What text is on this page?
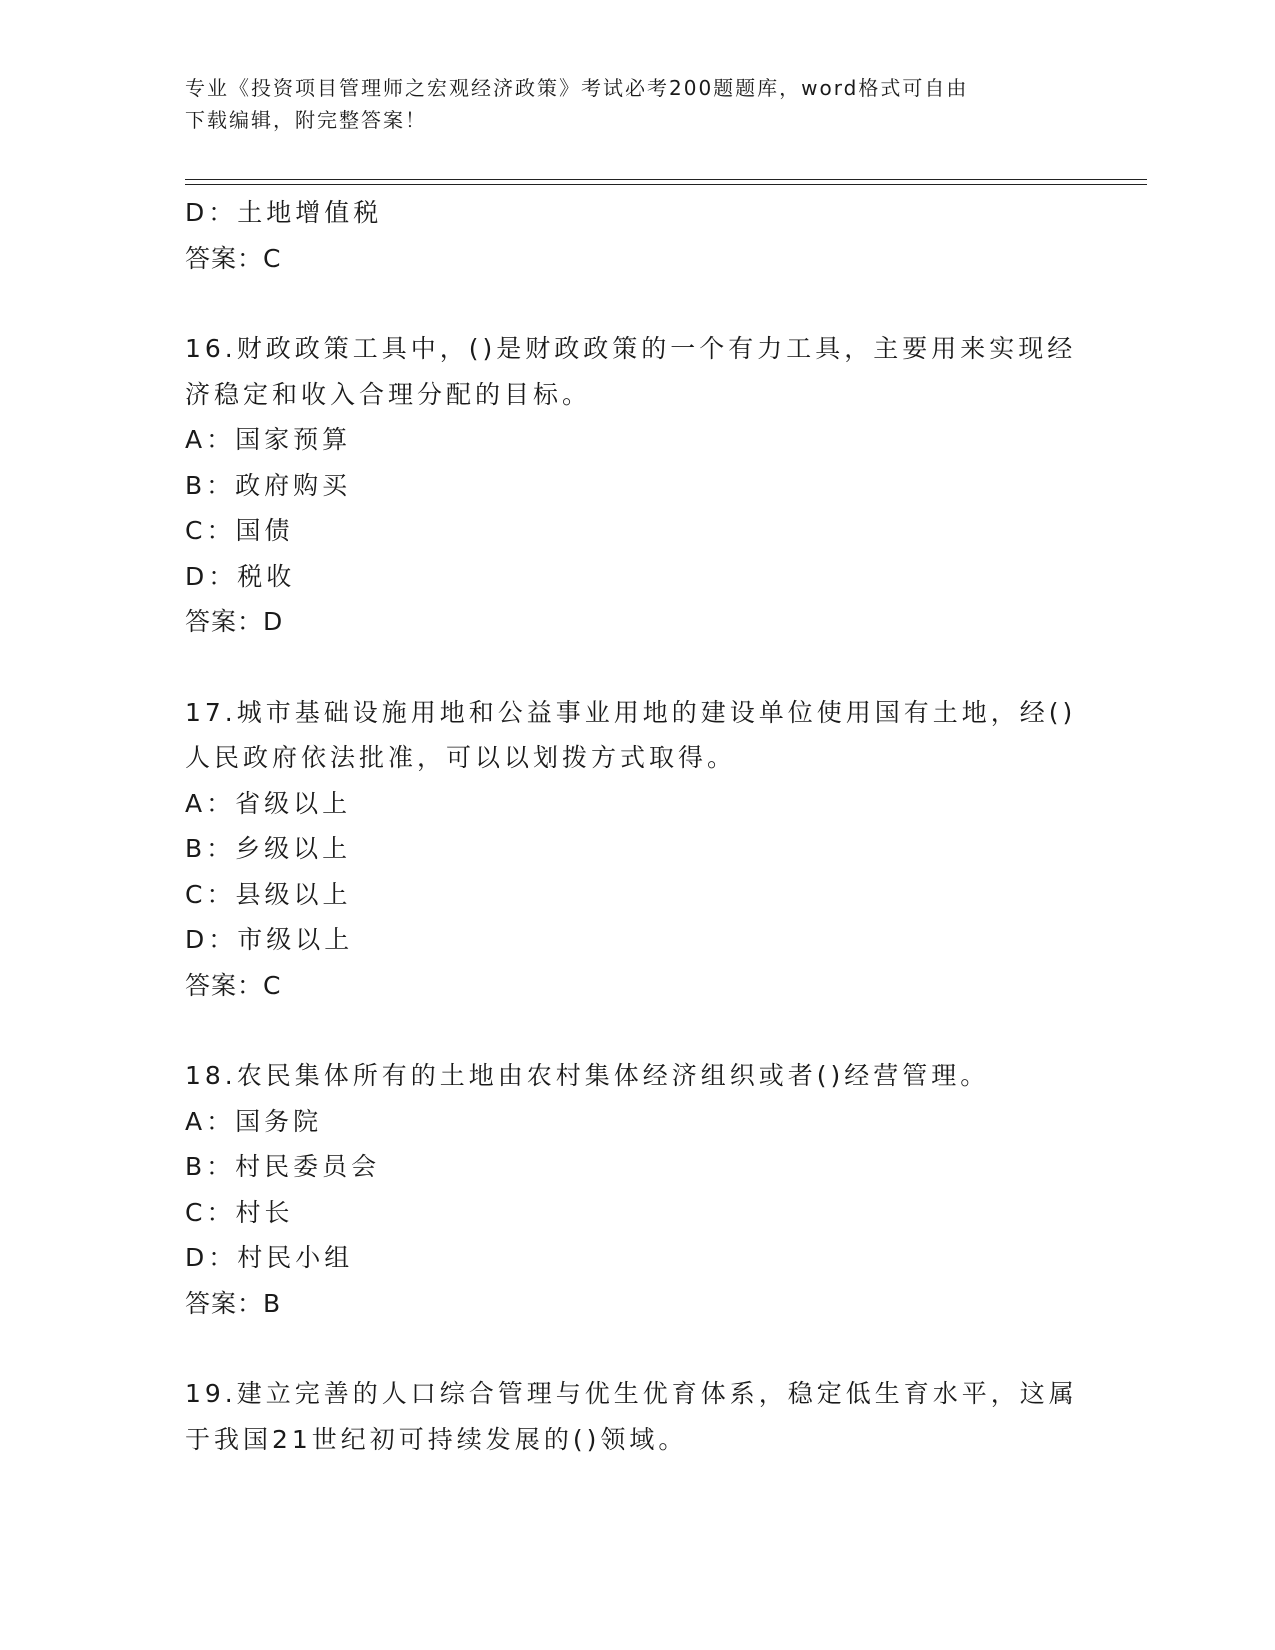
专业《投资项目管理师之宏观经济政策》考试必考200题题库，word格式可自由
下载编辑，附完整答案！
D：土地增值税
答案：C
16.财政政策工具中，()是财政政策的一个有力工具，主要用来实现经
济稳定和收入合理分配的目标。
A：国家预算
B：政府购买
C：国债
D：税收
答案：D
17.城市基础设施用地和公益事业用地的建设单位使用国有土地，经()
人民政府依法批准，可以以划拨方式取得。
A：省级以上
B：乡级以上
C：县级以上
D：市级以上
答案：C
18.农民集体所有的土地由农村集体经济组织或者()经营管理。
A：国务院
B：村民委员会
C：村长
D：村民小组
答案：B
19.建立完善的人口综合管理与优生优育体系，稳定低生育水平，这属
于我国21世纪初可持续发展的()领域。
